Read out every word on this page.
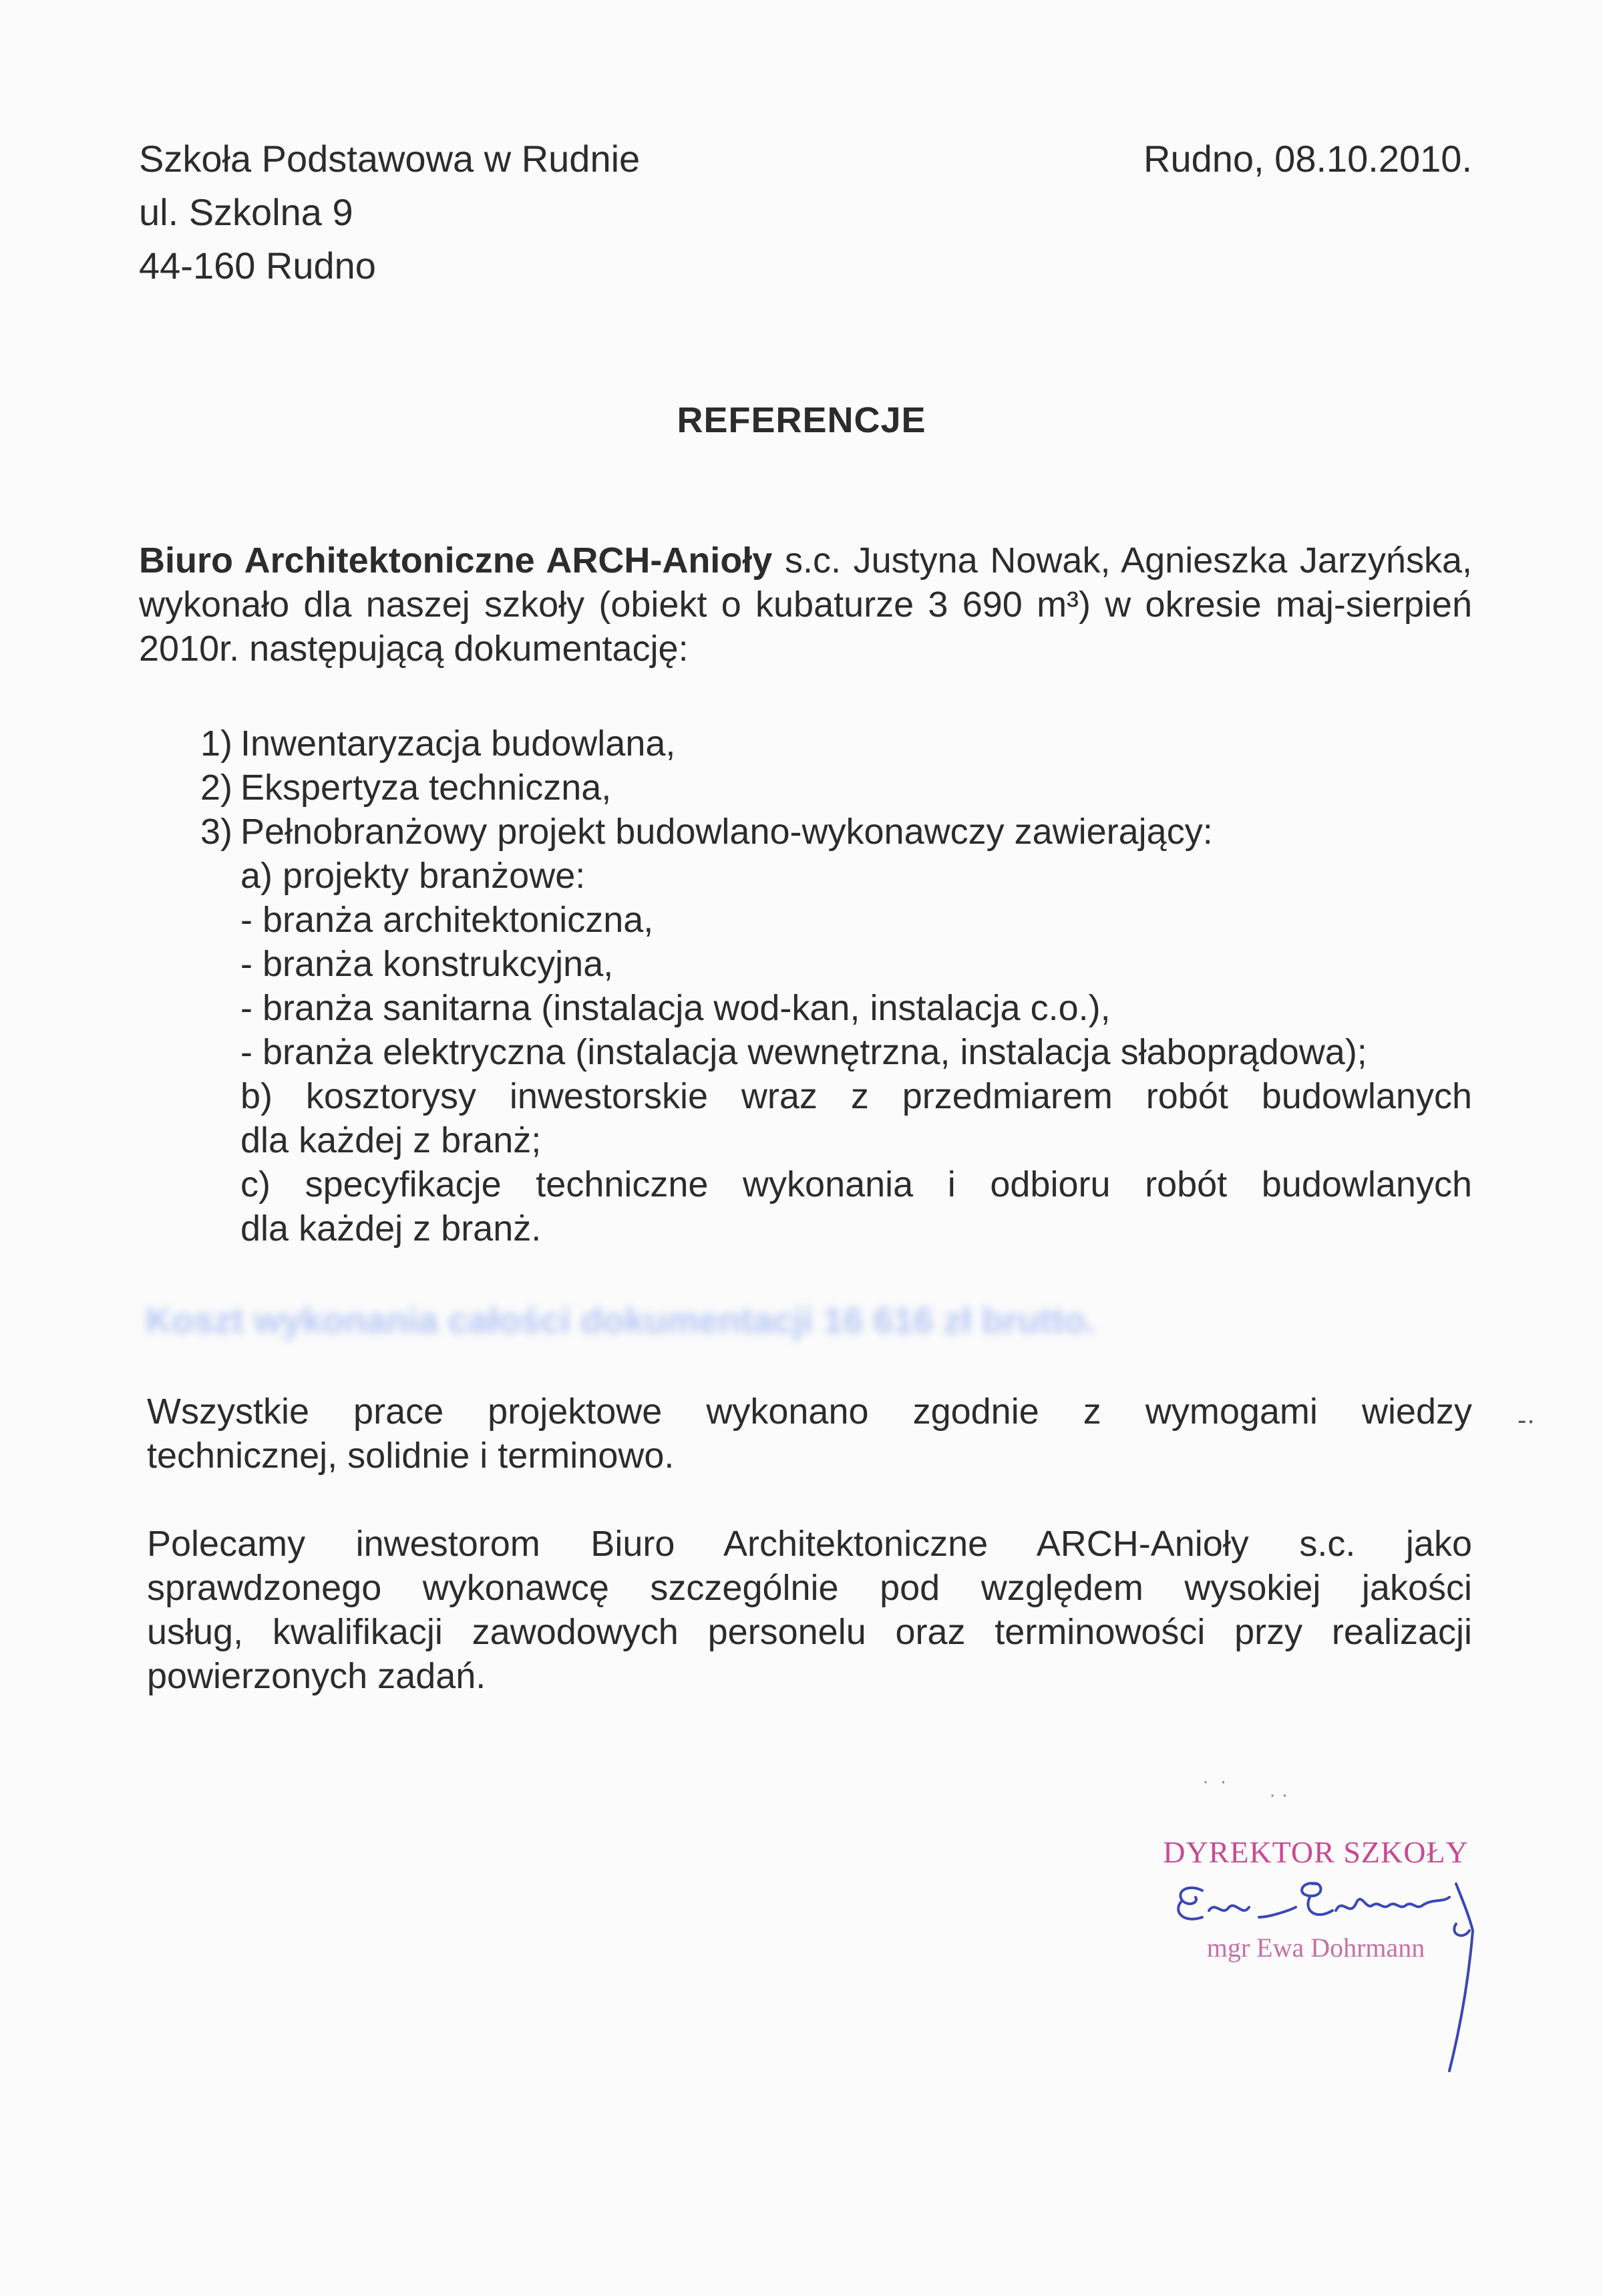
Szkoła Podstawowa w Rudnie
ul. Szkolna 9
44-160 Rudno
Rudno, 08.10.2010.
REFERENCJE
Biuro Architektoniczne ARCH-Anioły s.c. Justyna Nowak, Agnieszka Jarzyńska, wykonało dla naszej szkoły (obiekt o kubaturze 3 690 m³) w okresie maj-sierpień 2010r. następującą dokumentację:
1) Inwentaryzacja budowlana,
2) Ekspertyza techniczna,
3) Pełnobranżowy projekt budowlano-wykonawczy zawierający:
a) projekty branżowe:
- branża architektoniczna,
- branża konstrukcyjna,
- branża sanitarna (instalacja wod-kan, instalacja c.o.),
- branża elektryczna (instalacja wewnętrzna, instalacja słaboprądowa);
b) kosztorysy inwestorskie wraz z przedmiarem robót budowlanych
dla każdej z branż;
c) specyfikacje techniczne wykonania i odbioru robót budowlanych
dla każdej z branż.
Koszt wykonania całości dokumentacji 16 616 zł brutto.
Wszystkie prace projektowe wykonano zgodnie z wymogami wiedzy
technicznej, solidnie i terminowo.
-·
Polecamy inwestorom Biuro Architektoniczne ARCH-Anioły s.c. jako
sprawdzonego wykonawcę szczególnie pod względem wysokiej jakości
usług, kwalifikacji zawodowych personelu oraz terminowości przy realizacji
powierzonych zadań.
·  ·
· ·
DYREKTOR SZKOŁY
mgr Ewa Dohrmann
